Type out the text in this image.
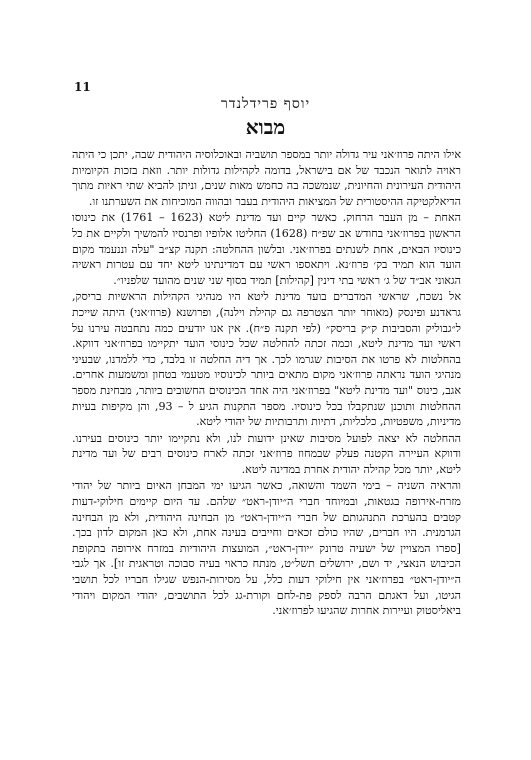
11
יוסף פרידלנדר
מבוא

אילו היתה פרוז׳אני עיר גדולה יותר במספר תושביה ובאוכלוסיה היהודית שבה, יתכן כי היתה ראויה לתואר הנכבד של אם בישראל, בדומה לקהילות גדולות יותר. וזאת בזכות הקיומיות היהודית העירונית והחיונית, שנמשכה בה כחמש מאות שנים, וניתן להביא שתי ראיות מתוך הדיאלקטיקה ההיסטורית של המציאות היהודית בעבר ובהווה המוכיחות את השערתנו זו.

האחת – מן העבר הרחוק. כאשר קיים ועד מדינת ליטא (1623 – 1761) את כינוסו הראשון בפרוז׳אני בחודש אב שפ״ח (1628) החליטו אלופיו ופרנסיו להמשיך ולקיים את כל כינוסיו הבאים, אחת לשנתים בפרוז׳אני. ובלשון ההחלטה: תקנה קצ״ב "עלה וננעמד מקום הועד הוא תמיד בק׳ פרוז׳נא. ויתאספו ראשי עם דמדינתינו ליטא יחד עם עטרות ראשיה הגאוני אב״ד של ג׳ ראשי בתי דינין [קהילות] תמיד בסוף שני שנים מהועד שלפניו״.

אל נשכח, שראשי המדברים בועד מדינת ליטא היו מנהיגי הקהילות הראשיות בריסק, גראדנע ופינסק (מאוחר יותר הצטרפה גם קהילת וילנה), ופרושנא (פרוז׳אני) היתה שייכת ל״גבוליק והסביבות ק״ק בריסק״ (לפי תקנה פ״ח). אין אנו יודעים כמה נתחבטה עירנו על ראשי ועד מדינת ליטא, וכמה זכתה להחלטה שכל כינוסי הועד יתקיימו בפרוז׳אני דווקא. בהחלטות לא פרטו את הסיבות שגרמו לכך. אך דיה החלטה זו בלבד, כדי ללמדנו, שבעיני מנהיגי הועד נראתה פרוז׳אני מקום מתאים ביותר לכינוסיו מטעמי בטחון ומשמעות אחרים. אגב, כינוס "ועד מדינת ליטא" בפרוז׳אני היה אחד הכינוסים החשובים ביותר, מבחינת מספר ההחלטות ותוכנן שנתקבלו בכל כינוסיו. מספר התקנות הגיע ל – 93, והן מקיפות בעיות מדיניות, משפטיות, כלכליות, דתיות ותרבותיות של יהודי ליטא.

ההחלטה לא יצאה לפועל מסיבות שאינן ידועות לנו, ולא נתקיימו יותר כינוסים בעירנו. ודווקא העיירה הקטנה פעלק שבמחוז פרוז׳אני זכתה לארח כינוסים רבים של ועד מדינת ליטא, יותר מכל קהילה יהודית אחרת במדינה ליטא.

והראיה השניה – בימי השמד והשואה, כאשר הגיעו ימי המבחן האיום ביותר של יהודי מזרח-אירופה בגטאות, ובמיוחד חברי ה״יודן-ראט״ שלהם. עד היום קיימים חילוקי-דעות קטבים בהערכת התנהגותם של חברי ה״יודן-ראט״ מן הבחינה היהודית, ולא מן הבחינה הגרמנית. היו חברים, שהיו כולם זכאים וחייבים בעינה אחת, ולא כאן המקום לדון בכך. [ספרו המצויין של ישעיה טרונק ״יודן-ראט״, המועצות היהודיות במזרח אירופה בתקופת הכיבוש הנאצי, יד ושם, ירושלים תשל״ט, מנתח כראוי בעיה סבוכה וטראגית זו]. אך לגבי ה״יודן-ראט״ בפרוז׳אני אין חילוקי דעות כלל, על מסירות-הנפש שגילו חבריו לכל תושבי הגיטו, ועל דאגתם הרבה לספק פת-לחם וקורת-גג לכל התושבים, יהודי המקום ויהודי ביאליסטוק ועיירות אחרות שהגיעו לפרוז׳אני.
